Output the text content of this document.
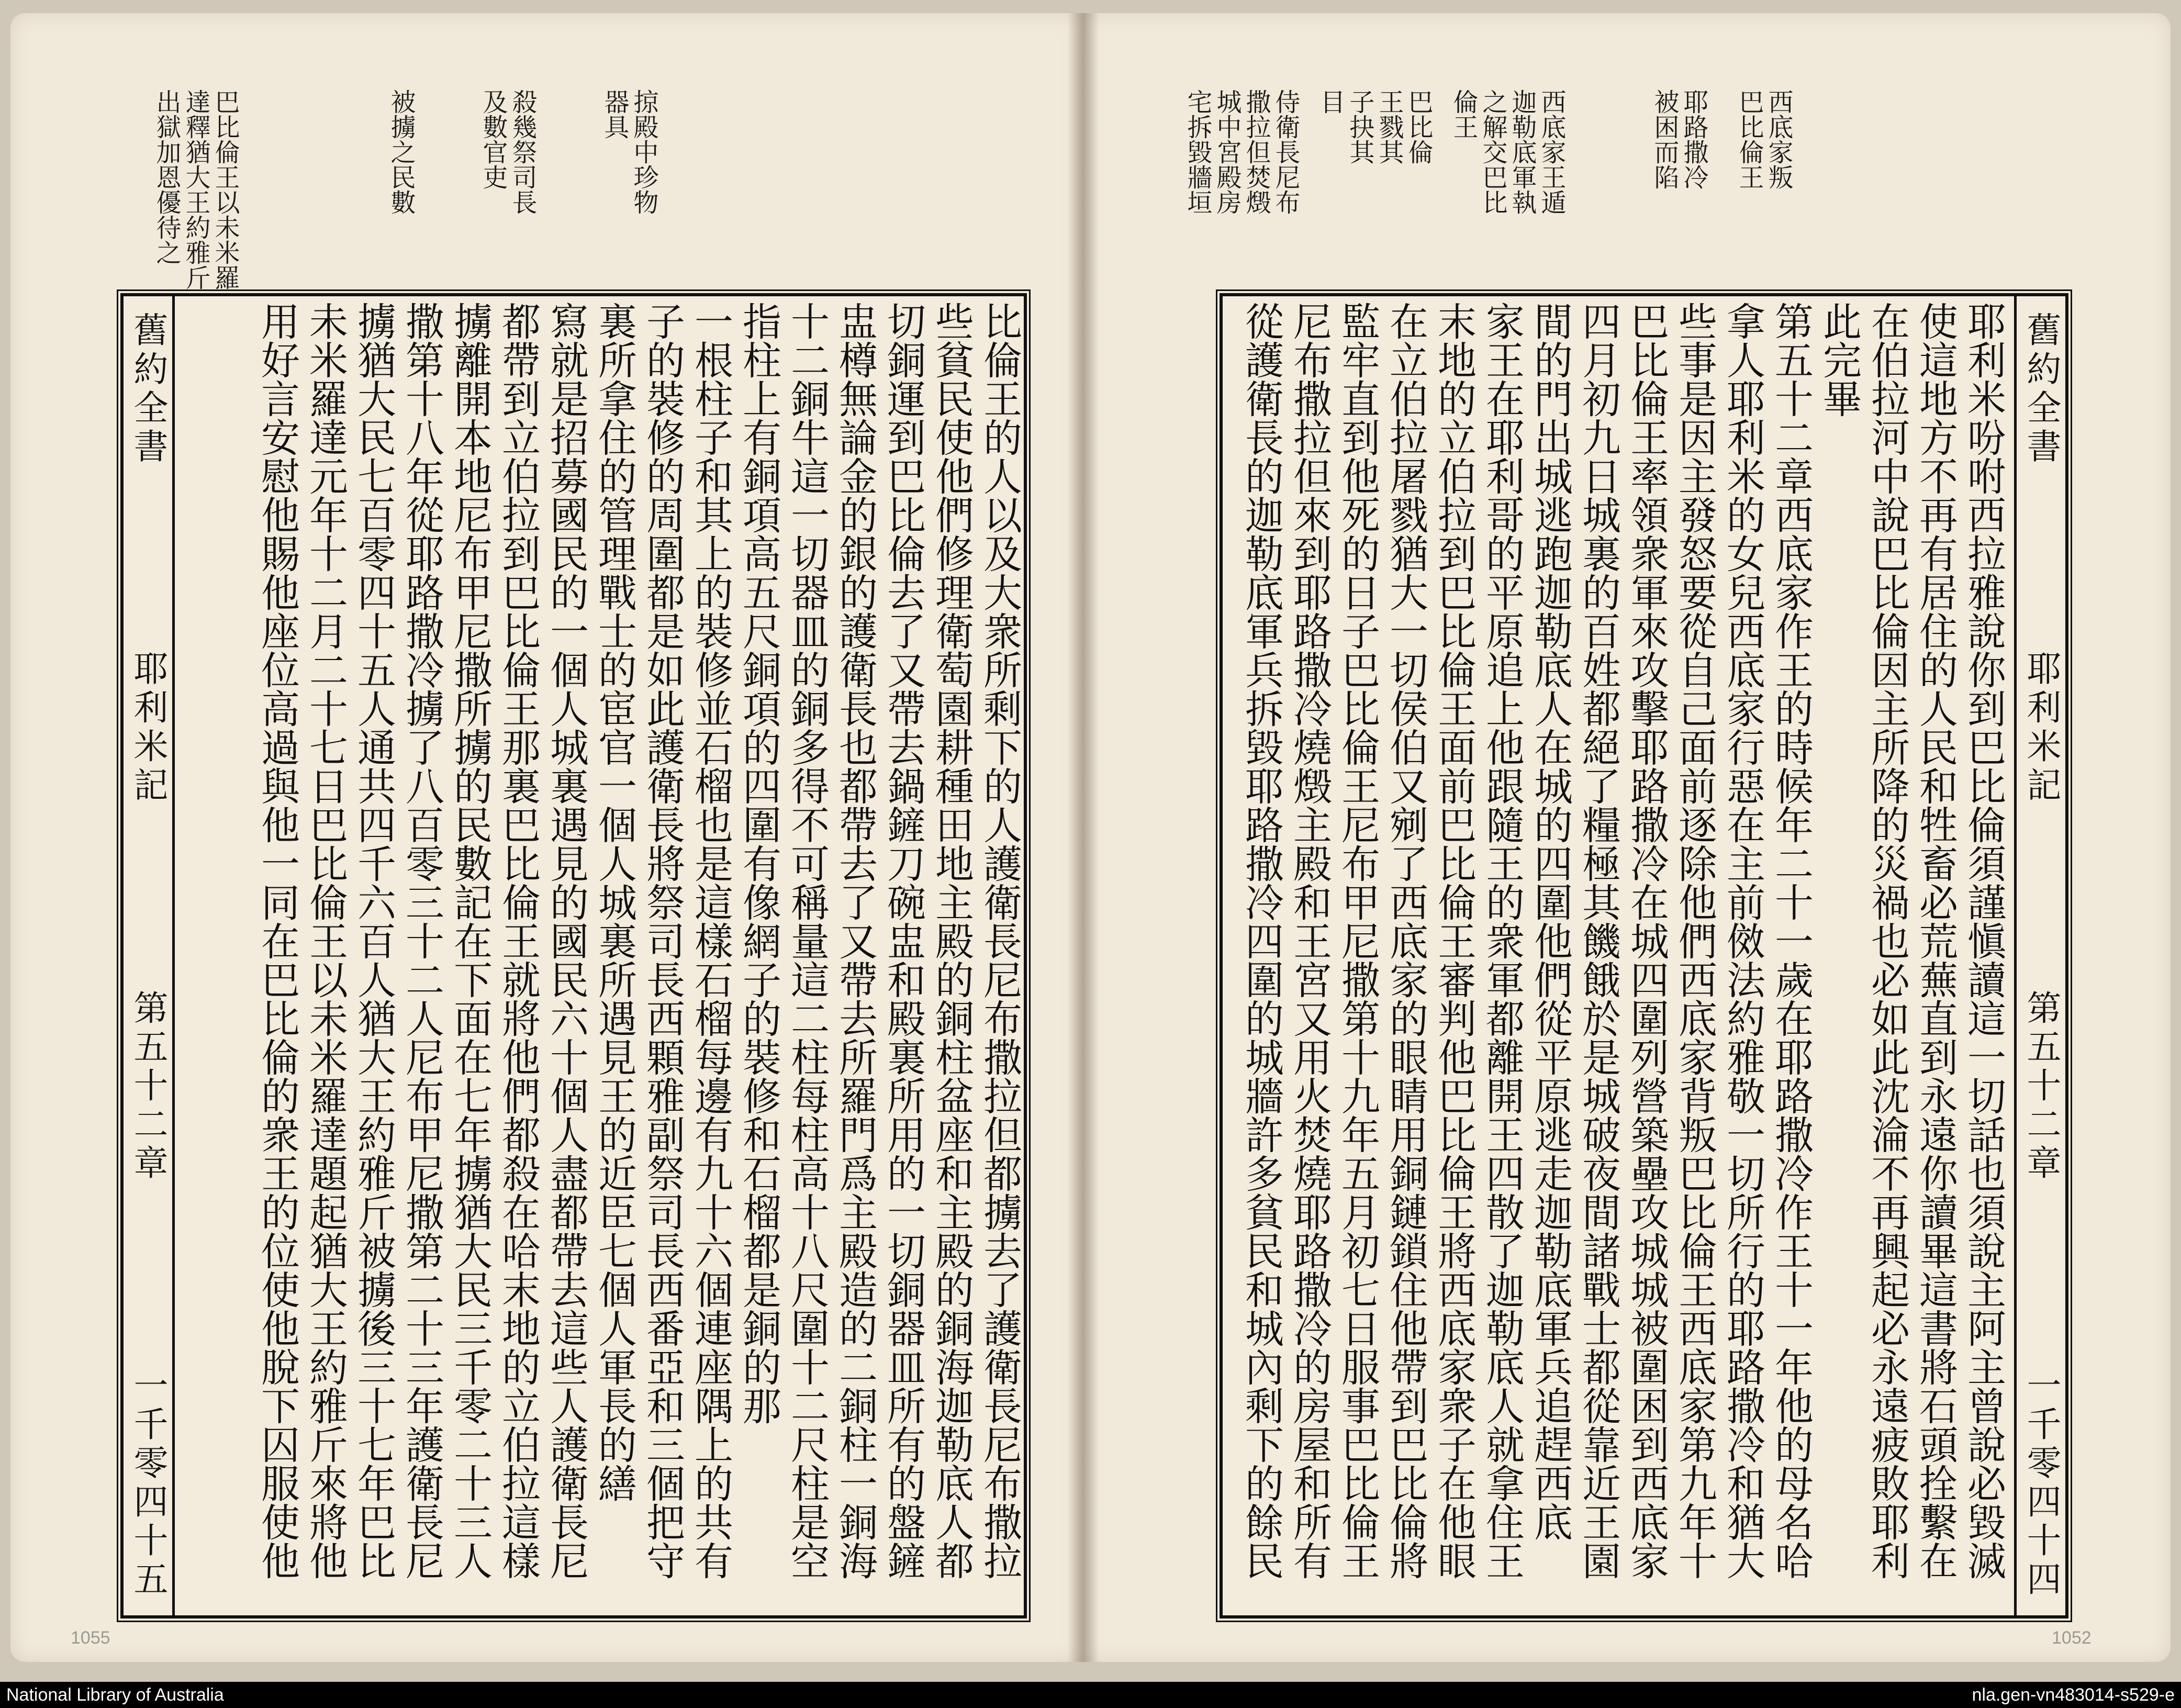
掠殿中珍物器具
殺幾祭司長及數官吏
被擄之民數
巴比倫王以未米羅達釋猶大王約雅斤出獄加恩優待之
比倫王的人以及大衆所剩下的人護衛長尼布撒拉但都擄去了護衛長尼布撒拉
些貧民使他們修理衛萄園耕種田地主殿的銅柱盆座和主殿的銅海迦勒底人都
切銅運到巴比倫去了又帶去鍋鏟刀碗盅和殿裏所用的一切銅器皿所有的盤鏟
盅樽無論金的銀的護衛長也都帶去了又帶去所羅門爲主殿造的二銅柱一銅海
十二銅牛這一切器皿的銅多得不可稱量這二柱每柱高十八尺圍十二尺柱是空
指柱上有銅項高五尺銅項的四圍有像網子的裝修和石榴都是銅的那
一根柱子和其上的裝修並石榴也是這樣石榴每邊有九十六個連座隅上的共有
子的裝修的周圍都是如此護衛長將祭司長西顆雅副祭司長西番亞和三個把守
裏所拿住的管理戰士的宦官一個人城裏所遇見王的近臣七個人軍長的繕
寫就是招募國民的一個人城裏遇見的國民六十個人盡都帶去這些人護衛長尼
都帶到立伯拉到巴比倫王那裏巴比倫王就將他們都殺在哈末地的立伯拉這樣
擄離開本地尼布甲尼撒所擄的民數記在下面在七年擄猶大民三千零二十三人
撒第十八年從耶路撒冷擄了八百零三十二人尼布甲尼撒第二十三年護衛長尼
擄猶大民七百零四十五人通共四千六百人猶大王約雅斤被擄後三十七年巴比
未米羅達元年十二月二十七日巴比倫王以未米羅達題起猶大王約雅斤來將他
用好言安慰他賜他座位高過與他一同在巴比倫的衆王的位使他脫下囚服使他
舊約全書
耶利米記
第五十二章
一千零四十五
1055
西底家叛巴比倫王
耶路撒冷被困而陷
西底家王遁迦勒底軍執之解交巴比倫王
巴比倫王戮其子抉其目
侍衛長尼布撒拉但焚燬城中宮殿房宅拆毀牆垣
舊約全書
耶利米記
第五十二章
一千零四十四
耶利米吩咐西拉雅說你到巴比倫須謹愼讀這一切話也須說主阿主曾說必毀滅
使這地方不再有居住的人民和牲畜必荒蕪直到永遠你讀畢這書將石頭拴繫在
在伯拉河中說巴比倫因主所降的災禍也必如此沈淪不再興起必永遠疲敗耶利
此完畢
第五十二章西底家作王的時候年二十一歲在耶路撒冷作王十一年他的母名哈
拿人耶利米的女兒西底家行惡在主前傚法約雅敬一切所行的耶路撒冷和猶大
些事是因主發怒要從自己面前逐除他們西底家背叛巴比倫王西底家第九年十
巴比倫王率領衆軍來攻擊耶路撒冷在城四圍列營築壘攻城城被圍困到西底家
四月初九日城裏的百姓都絕了糧極其饑餓於是城破夜間諸戰士都從靠近王園
間的門出城逃跑迦勒底人在城的四圍他們從平原逃走迦勒底軍兵追趕西底
家王在耶利哥的平原追上他跟隨王的衆軍都離開王四散了迦勒底人就拿住王
末地的立伯拉到巴比倫王面前巴比倫王審判他巴比倫王將西底家衆子在他眼
在立伯拉屠戮猶大一切侯伯又剜了西底家的眼睛用銅鏈鎖住他帶到巴比倫將
監牢直到他死的日子巴比倫王尼布甲尼撒第十九年五月初七日服事巴比倫王
尼布撒拉但來到耶路撒冷燒燬主殿和王宮又用火焚燒耶路撒冷的房屋和所有
從護衛長的迦勒底軍兵拆毀耶路撒冷四圍的城牆許多貧民和城內剩下的餘民
1052
National Library of Australia	nla.gen-vn483014-s529-e
